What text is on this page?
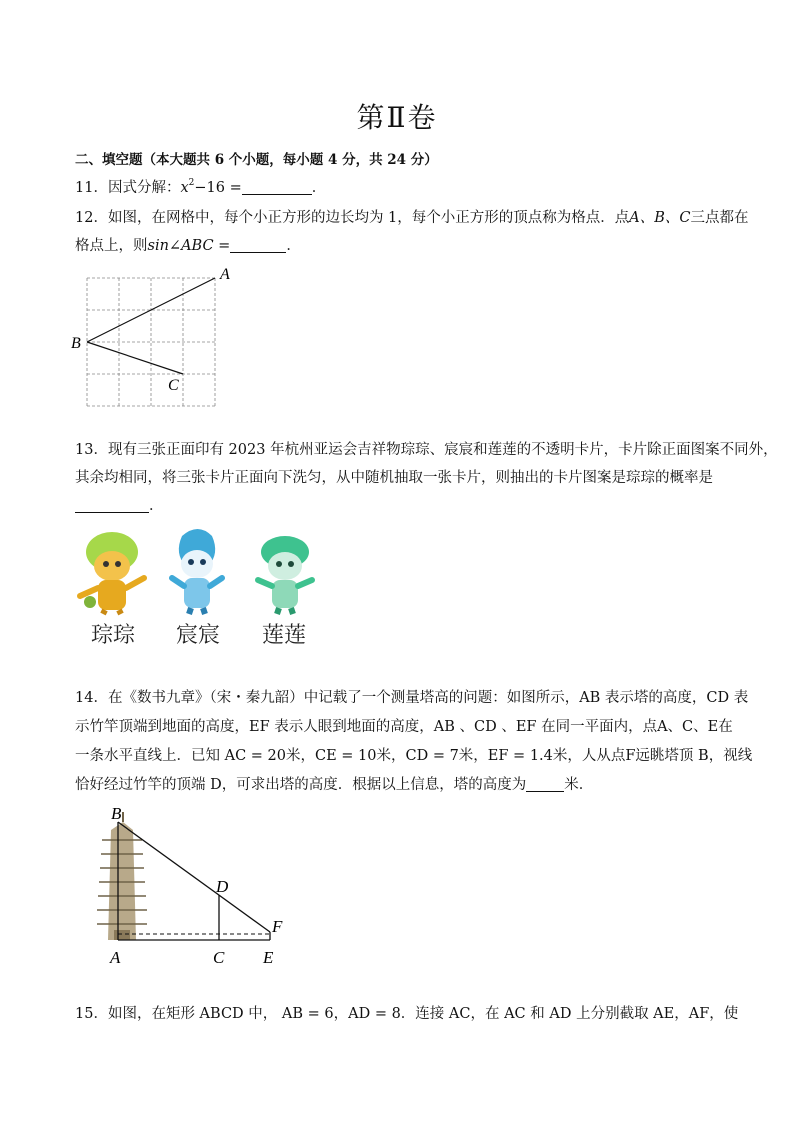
第Ⅱ卷
二、填空题（本大题共 6 个小题，每小题 4 分，共 24 分）
11．因式分解：$x^2-16$ =	．
12．如图，在网格中，每个小正方形的边长均为 1，每个小正方形的顶点称为格点．点A、B、C三点都在
格点上，则sin∠ABC =	．
A
B
C
13．现有三张正面印有 2023 年杭州亚运会吉祥物琮琮、宸宸和莲莲的不透明卡片，卡片除正面图案不同外，
其余均相同，将三张卡片正面向下洗匀，从中随机抽取一张卡片，则抽出的卡片图案是琮琮的概率是
．
琮琮 宸宸 莲莲
14．在《数书九章》（宋・秦九韶）中记载了一个测量塔高的问题：如图所示，AB 表示塔的高度，CD 表
示竹竿顶端到地面的高度，EF 表示人眼到地面的高度，AB 、CD 、EF 在同一平面内，点A、C、E在
一条水平直线上．已知 AC = 20米，CE = 10米，CD = 7米，EF = 1.4米，人从点F远眺塔顶 B，视线
恰好经过竹竿的顶端 D，可求出塔的高度．根据以上信息，塔的高度为	米．
B
D
F
A	C E
15．如图，在矩形 ABCD 中， AB = 6，AD = 8．连接 AC，在 AC 和 AD 上分别截取 AE，AF，使
